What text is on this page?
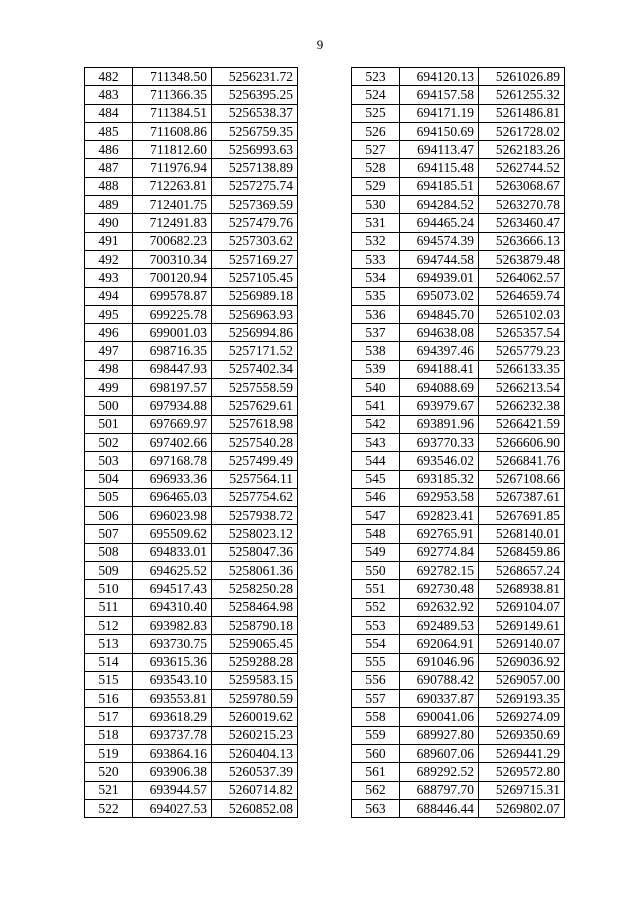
9
482	711348.50	5256231.72
483	711366.35	5256395.25
484	711384.51	5256538.37
485	711608.86	5256759.35
486	711812.60	5256993.63
487	711976.94	5257138.89
488	712263.81	5257275.74
489	712401.75	5257369.59
490	712491.83	5257479.76
491	700682.23	5257303.62
492	700310.34	5257169.27
493	700120.94	5257105.45
494	699578.87	5256989.18
495	699225.78	5256963.93
496	699001.03	5256994.86
497	698716.35	5257171.52
498	698447.93	5257402.34
499	698197.57	5257558.59
500	697934.88	5257629.61
501	697669.97	5257618.98
502	697402.66	5257540.28
503	697168.78	5257499.49
504	696933.36	5257564.11
505	696465.03	5257754.62
506	696023.98	5257938.72
507	695509.62	5258023.12
508	694833.01	5258047.36
509	694625.52	5258061.36
510	694517.43	5258250.28
511	694310.40	5258464.98
512	693982.83	5258790.18
513	693730.75	5259065.45
514	693615.36	5259288.28
515	693543.10	5259583.15
516	693553.81	5259780.59
517	693618.29	5260019.62
518	693737.78	5260215.23
519	693864.16	5260404.13
520	693906.38	5260537.39
521	693944.57	5260714.82
522	694027.53	5260852.08
523	694120.13	5261026.89
524	694157.58	5261255.32
525	694171.19	5261486.81
526	694150.69	5261728.02
527	694113.47	5262183.26
528	694115.48	5262744.52
529	694185.51	5263068.67
530	694284.52	5263270.78
531	694465.24	5263460.47
532	694574.39	5263666.13
533	694744.58	5263879.48
534	694939.01	5264062.57
535	695073.02	5264659.74
536	694845.70	5265102.03
537	694638.08	5265357.54
538	694397.46	5265779.23
539	694188.41	5266133.35
540	694088.69	5266213.54
541	693979.67	5266232.38
542	693891.96	5266421.59
543	693770.33	5266606.90
544	693546.02	5266841.76
545	693185.32	5267108.66
546	692953.58	5267387.61
547	692823.41	5267691.85
548	692765.91	5268140.01
549	692774.84	5268459.86
550	692782.15	5268657.24
551	692730.48	5268938.81
552	692632.92	5269104.07
553	692489.53	5269149.61
554	692064.91	5269140.07
555	691046.96	5269036.92
556	690788.42	5269057.00
557	690337.87	5269193.35
558	690041.06	5269274.09
559	689927.80	5269350.69
560	689607.06	5269441.29
561	689292.52	5269572.80
562	688797.70	5269715.31
563	688446.44	5269802.07
